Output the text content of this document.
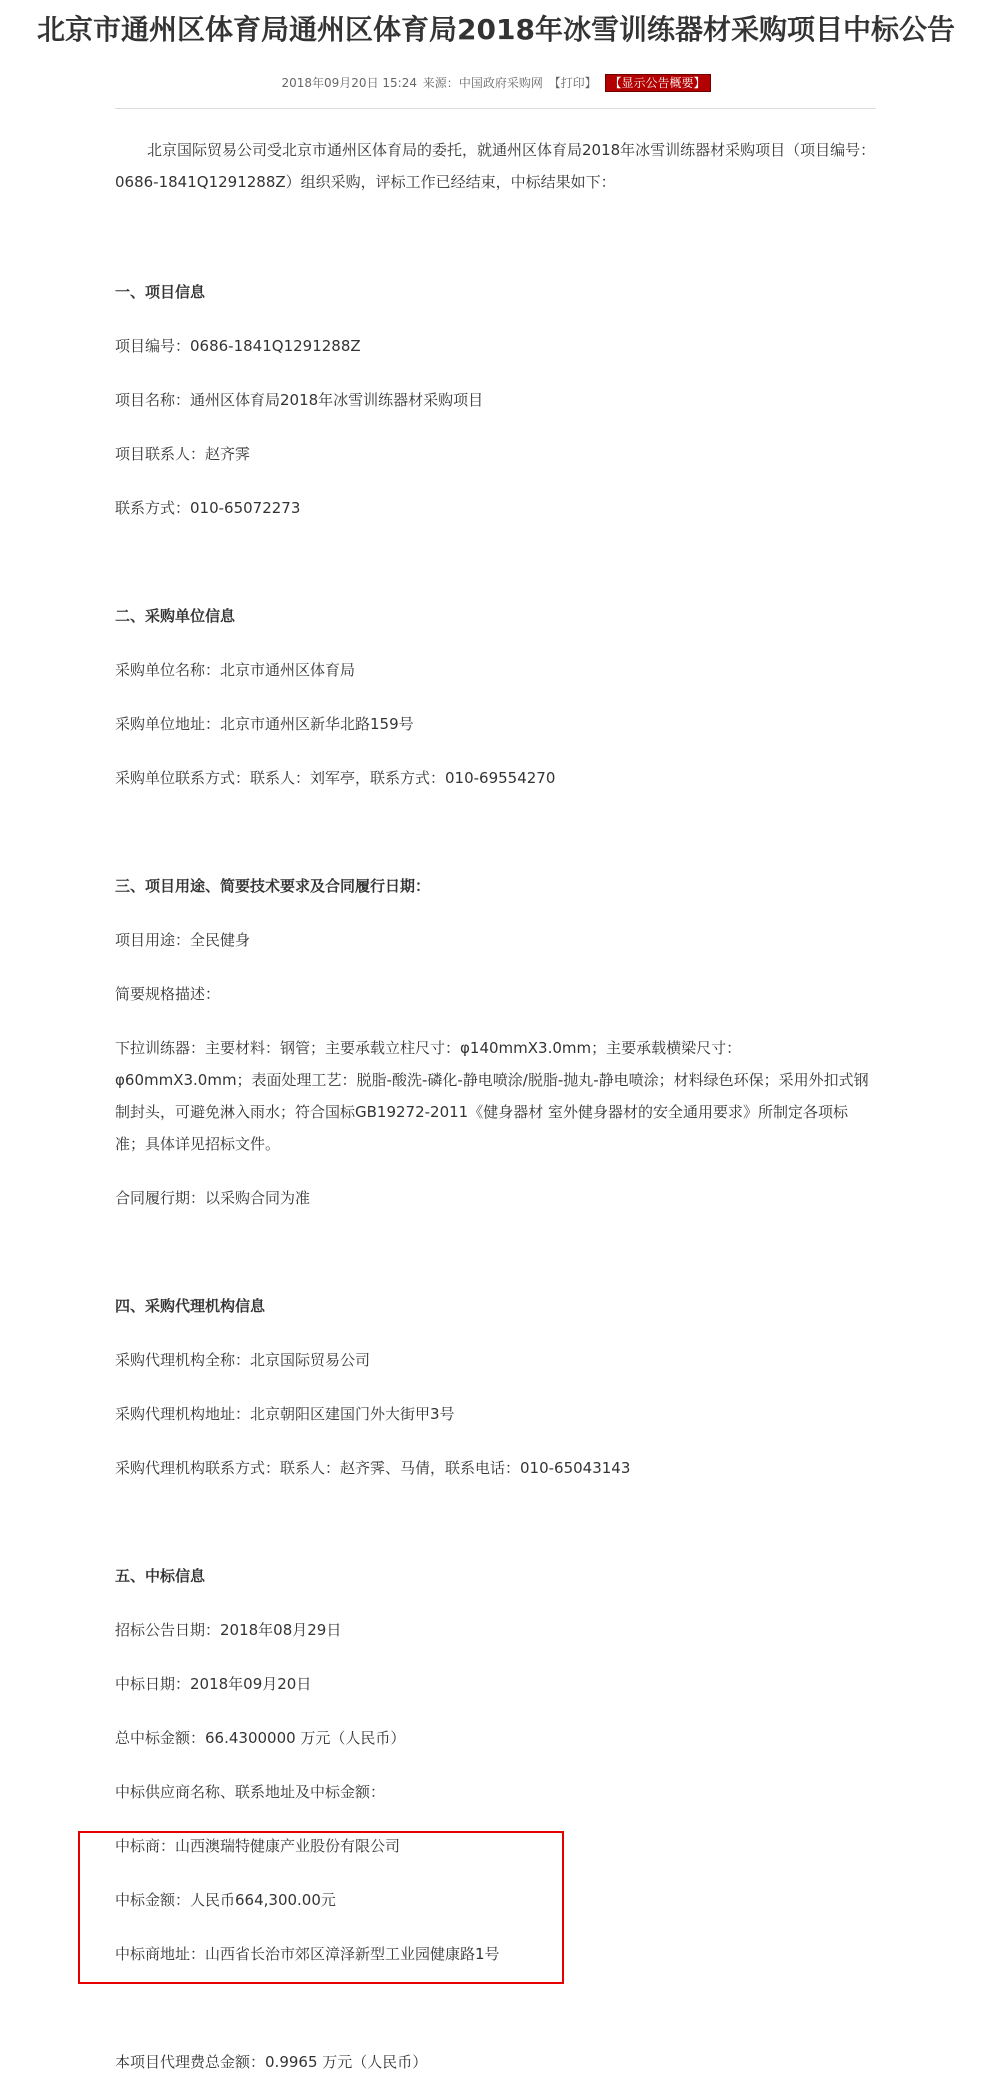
北京市通州区体育局通州区体育局2018年冰雪训练器材采购项目中标公告
2018年09月20日 15:24 来源：中国政府采购网 【打印】 【显示公告概要】

北京国际贸易公司受北京市通州区体育局的委托，就通州区体育局2018年冰雪训练器材采购项目（项目编号：0686-1841Q1291288Z）组织采购，评标工作已经结束，中标结果如下：

一、项目信息

项目编号：0686-1841Q1291288Z

项目名称：通州区体育局2018年冰雪训练器材采购项目

项目联系人：赵齐霁

联系方式：010-65072273

二、采购单位信息

采购单位名称：北京市通州区体育局

采购单位地址：北京市通州区新华北路159号

采购单位联系方式：联系人：刘军亭，联系方式：010-69554270

三、项目用途、简要技术要求及合同履行日期：

项目用途：全民健身

简要规格描述：

下拉训练器：主要材料：钢管；主要承载立柱尺寸：φ140mmX3.0mm；主要承载横梁尺寸：φ60mmX3.0mm；表面处理工艺：脱脂-酸洗-磷化-静电喷涂/脱脂-抛丸-静电喷涂；材料绿色环保；采用外扣式钢制封头，可避免淋入雨水；符合国标GB19272-2011《健身器材 室外健身器材的安全通用要求》所制定各项标准；具体详见招标文件。

合同履行期：以采购合同为准

四、采购代理机构信息

采购代理机构全称：北京国际贸易公司

采购代理机构地址：北京朝阳区建国门外大街甲3号

采购代理机构联系方式：联系人：赵齐霁、马倩，联系电话：010-65043143

五、中标信息

招标公告日期：2018年08月29日

中标日期：2018年09月20日

总中标金额：66.4300000 万元（人民币）

中标供应商名称、联系地址及中标金额：

中标商：山西澳瑞特健康产业股份有限公司

中标金额：人民币664,300.00元

中标商地址：山西省长治市郊区漳泽新型工业园健康路1号

本项目代理费总金额：0.9965 万元（人民币）
